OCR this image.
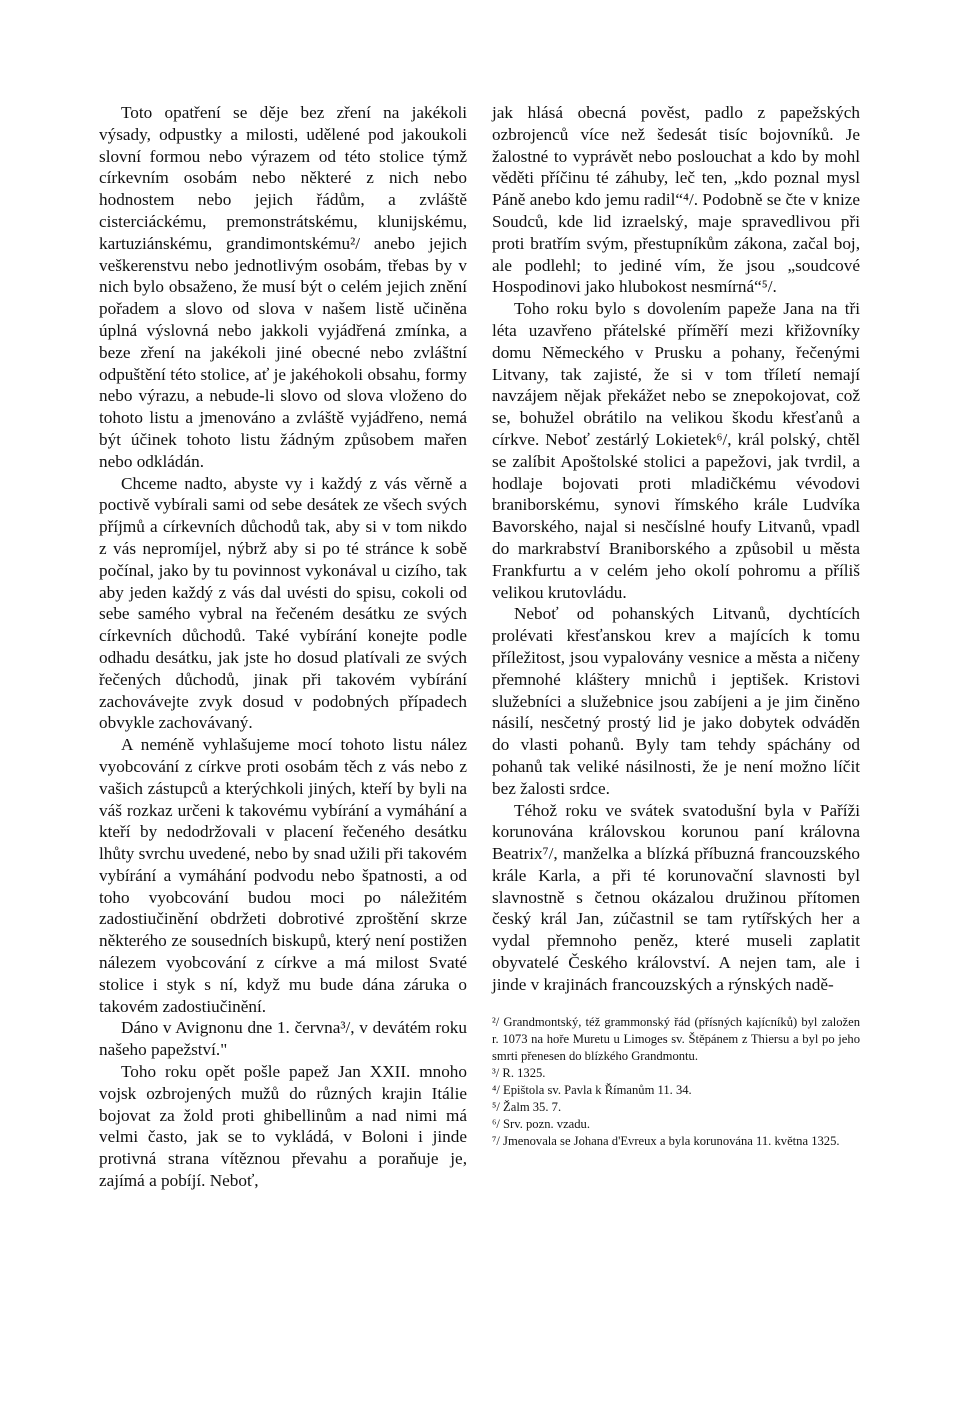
Toto opatření se děje bez zření na jakékoli výsady, odpustky a milosti, udělené pod jakoukoli slovní formou nebo výrazem od této stolice týmž církevním osobám nebo některé z nich nebo hodnostem nebo jejich řádům, a zvláště cisterciáckému, premonstrátskému, klunijskému, kartuziánskému, grandimontskému²/ anebo jejich veškerenstvu nebo jednotlivým osobám, třebas by v nich bylo obsaženo, že musí být o celém jejich znění pořadem a slovo od slova v našem listě učiněna úplná výslovná nebo jakkoli vyjádřená zmínka, a beze zření na jakékoli jiné obecné nebo zvláštní odpuštění této stolice, ať je jakéhokoli obsahu, formy nebo výrazu, a nebude-li slovo od slova vloženo do tohoto listu a jmenováno a zvláště vyjádřeno, nemá být účinek tohoto listu žádným způsobem mařen nebo odkládán.

Chceme nadto, abyste vy i každý z vás věrně a poctivě vybírali sami od sebe desátek ze všech svých příjmů a církevních důchodů tak, aby si v tom nikdo z vás nepromíjel, nýbrž aby si po té stránce k sobě počínal, jako by tu povinnost vykonával u cizího, tak aby jeden každý z vás dal uvésti do spisu, cokoli od sebe samého vybral na řečeném desátku ze svých církevních důchodů. Také vybírání konejte podle odhadu desátku, jak jste ho dosud platívali ze svých řečených důchodů, jinak při takovém vybírání zachovávejte zvyk dosud v podobných případech obvykle zachovávaný.

A neméně vyhlašujeme mocí tohoto listu nález vyobcování z církve proti osobám těch z vás nebo z vašich zástupců a kterýchkoli jiných, kteří by byli na váš rozkaz určeni k takovému vybírání a vymáhání a kteří by nedodržovali v placení řečeného desátku lhůty svrchu uvedené, nebo by snad užili při takovém vybírání a vymáhání podvodu nebo špatnosti, a od toho vyobcování budou moci po náležitém zadostiučinění obdržeti dobrotivé zproštění skrze některého ze sousedních biskupů, který není postižen nálezem vyobcování z církve a má milost Svaté stolice i styk s ní, když mu bude dána záruka o takovém zadostiučinění.

Dáno v Avignonu dne 1. června³/, v devátém roku našeho papežství."

Toho roku opět pošle papež Jan XXII. mnoho vojsk ozbrojených mužů do různých krajin Itálie bojovat za žold proti ghibellinům a nad nimi má velmi často, jak se to vykládá, v Boloni i jinde protivná strana vítěznou převahu a poraňuje je, zajímá a pobíjí. Neboť,

jak hlásá obecná pověst, padlo z papežských ozbrojenců více než šedesát tisíc bojovníků. Je žalostné to vyprávět nebo poslouchat a kdo by mohl věděti příčinu té záhuby, leč ten, „kdo poznal mysl Páně anebo kdo jemu radil“⁴/. Podobně se čte v knize Soudců, kde lid izraelský, maje spravedlivou při proti bratřím svým, přestupníkům zákona, začal boj, ale podlehl; to jediné vím, že jsou „soudcové Hospodinovi jako hlubokost nesmírná“⁵/.

Toho roku bylo s dovolením papeže Jana na tři léta uzavřeno přátelské příměří mezi křižovníky domu Německého v Prusku a pohany, řečenými Litvany, tak zajisté, že si v tom tříletí nemají navzájem nějak překážet nebo se znepokojovat, což se, bohužel obrátilo na velikou škodu křesťanů a církve. Neboť zestárlý Lokietek⁶/, král polský, chtěl se zalíbit Apoštolské stolici a papežovi, jak tvrdil, a hodlaje bojovati proti mladičkému vévodovi braniborskému, synovi římského krále Ludvíka Bavorského, najal si nesčíslné houfy Litvanů, vpadl do markrabství Braniborského a způsobil u města Frankfurtu a v celém jeho okolí pohromu a příliš velikou krutovládu.

Neboť od pohanských Litvanů, dychtících prolévati křesťanskou krev a majících k tomu příležitost, jsou vypalovány vesnice a města a ničeny přemnohé kláštery mnichů i jeptišek. Kristovi služebníci a služebnice jsou zabíjeni a je jim činěno násilí, nesčetný prostý lid je jako dobytek odváděn do vlasti pohanů. Byly tam tehdy spáchány od pohanů tak veliké násilnosti, že je není možno líčit bez žalosti srdce.

Téhož roku ve svátek svatodušní byla v Paříži korunována královskou korunou paní královna Beatrix⁷/, manželka a blízká příbuzná francouzského krále Karla, a při té korunovační slavnosti byl slavnostně s četnou okázalou družinou přítomen český král Jan, zúčastnil se tam rytířských her a vydal přemnoho peněz, které museli zaplatit obyvatelé Českého království. A nejen tam, ale i jinde v krajinách francouzských a rýnských nadě-

²/ Grandmontský, též grammonský řád (přísných kajícníků) byl založen r. 1073 na hoře Muretu u Limoges sv. Štěpánem z Thiersu a byl po jeho smrti přenesen do blízkého Grandmontu.

³/ R. 1325.

⁴/ Epištola sv. Pavla k Římanům 11. 34.

⁵/ Žalm 35. 7.

⁶/ Srv. pozn. vzadu.

⁷/ Jmenovala se Johana d'Evreux a byla korunována 11. května 1325.
